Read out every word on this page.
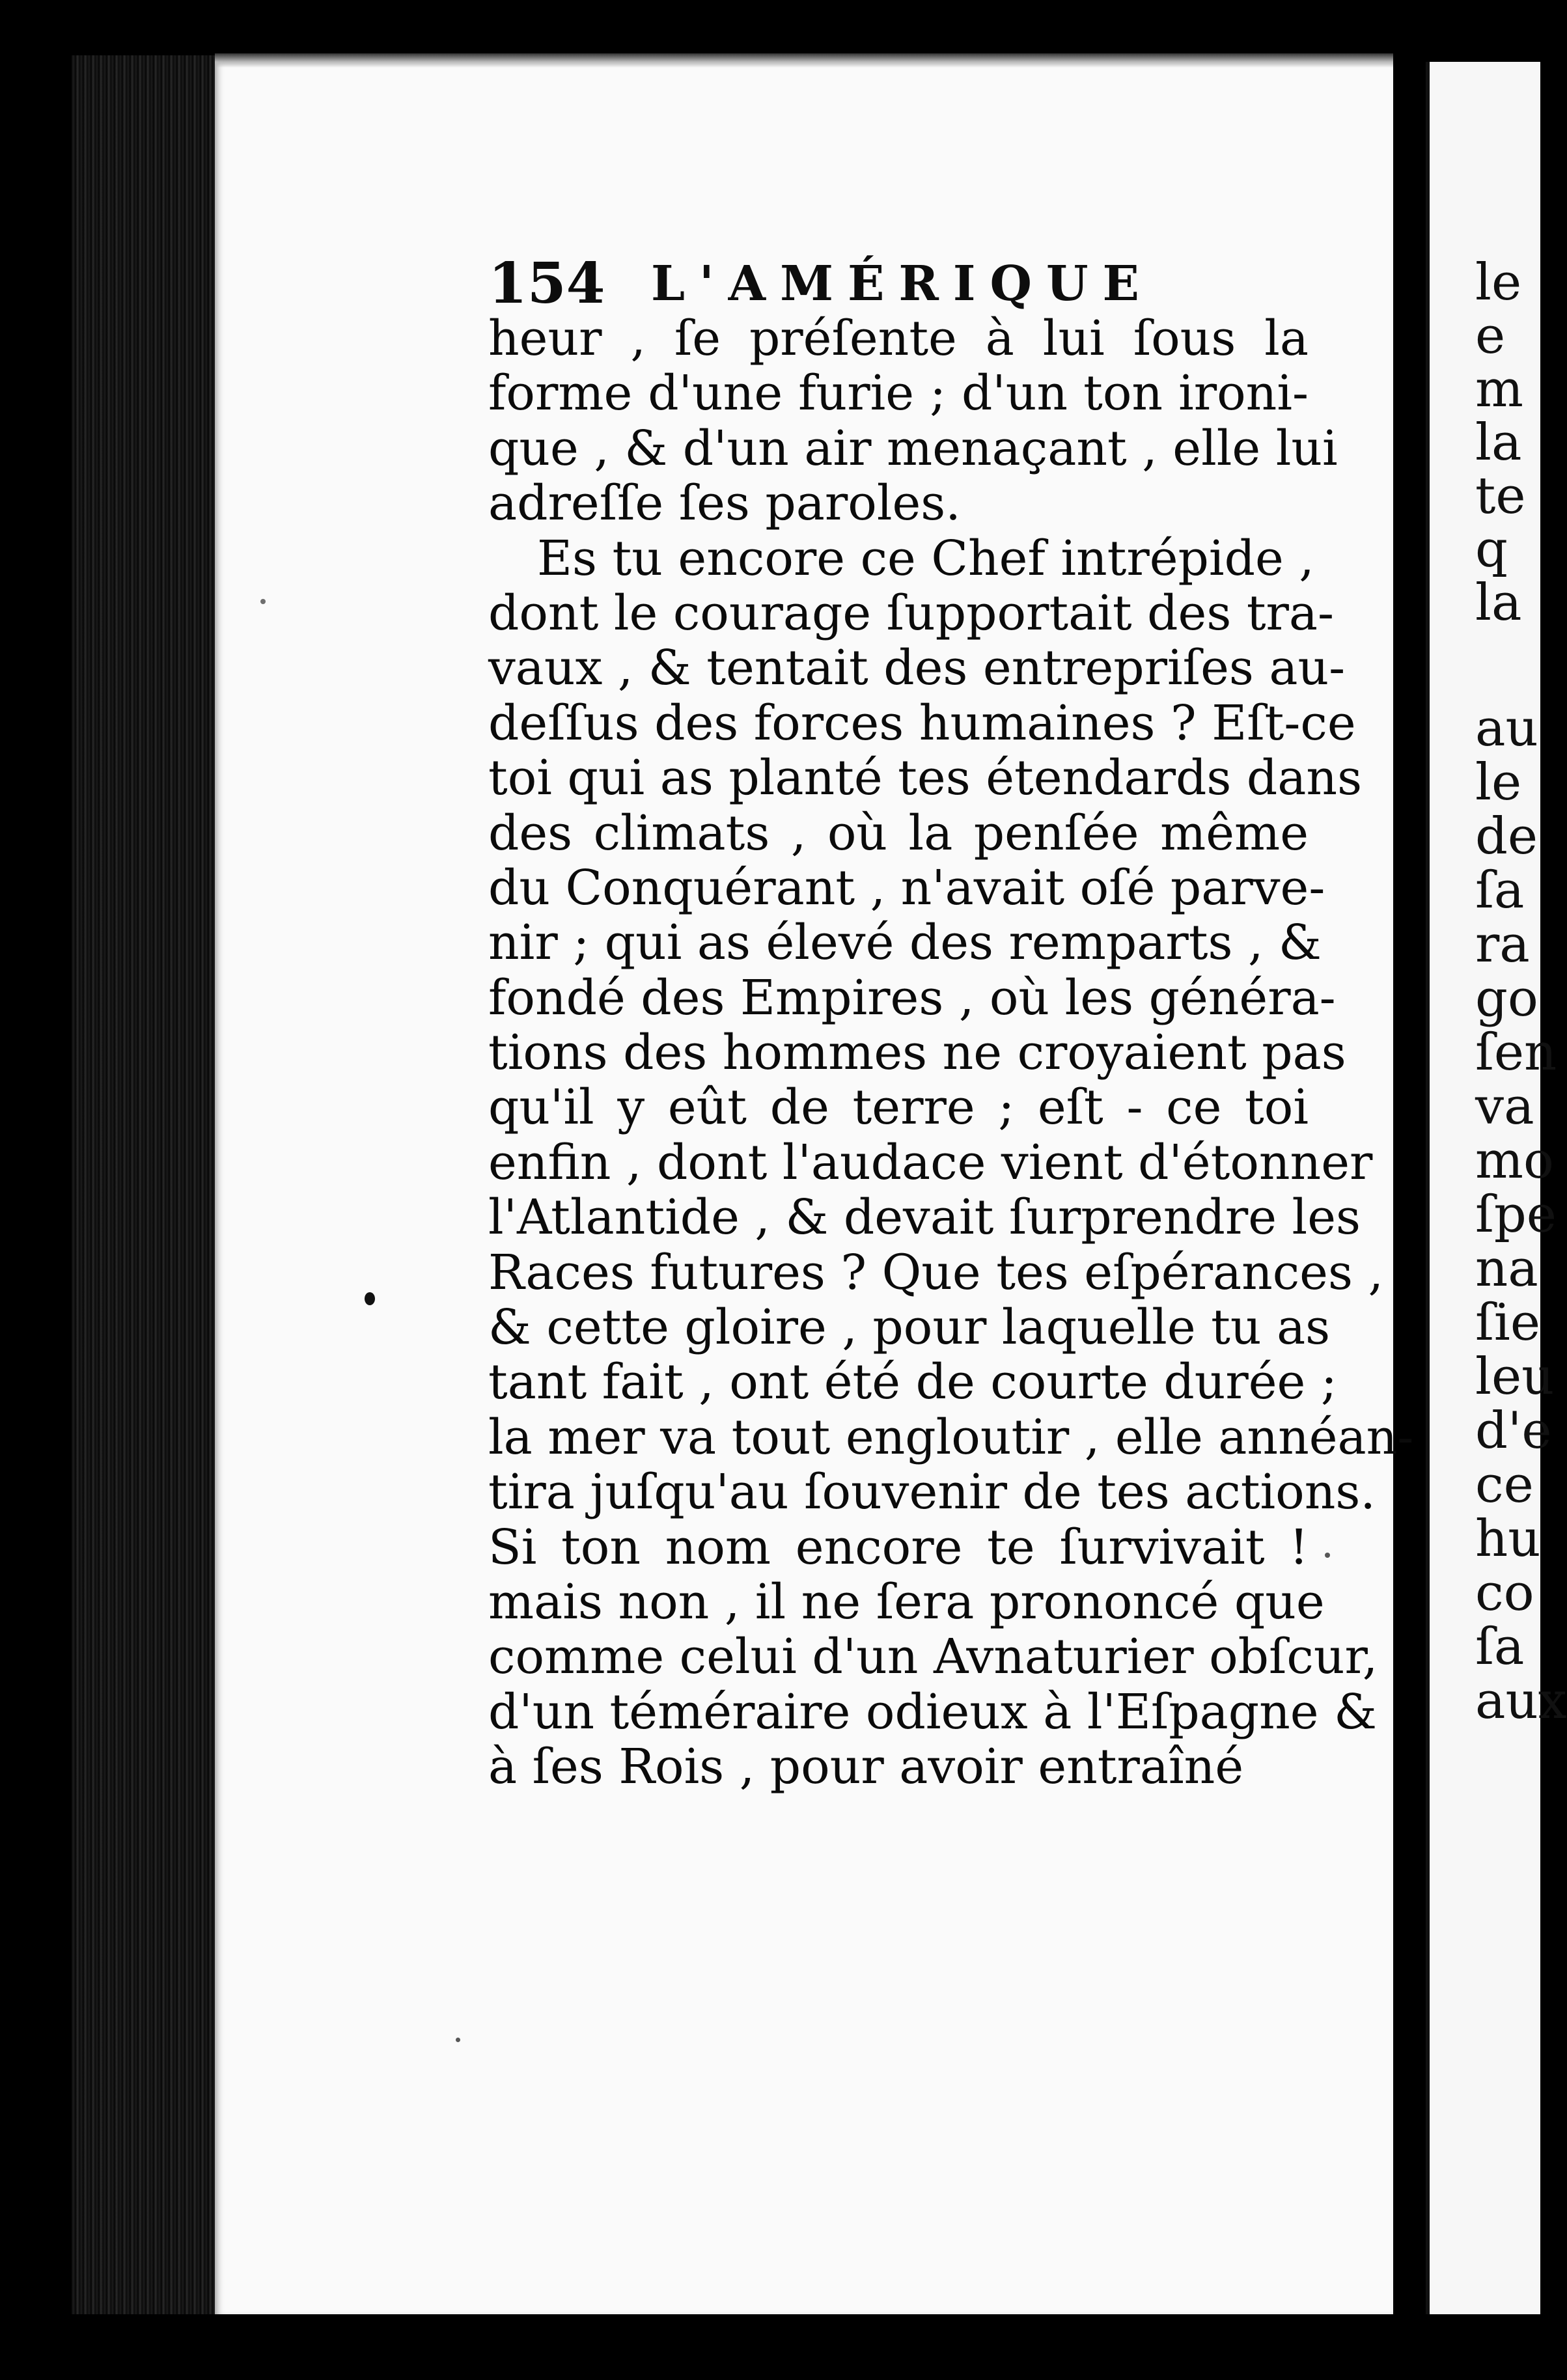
le
e
m
la
te
q
la
au
le
de
ſa
ra
go
ſen
va
mo
ſpe
na
ſie
leu
d'e
ce
hu
co
ſa
aux
154 L'AMÉRIQUE
heur , ſe préſente à lui ſous la
forme d'une furie ; d'un ton ironi-
que , & d'un air menaçant , elle lui
adreſſe ſes paroles.
Es tu encore ce Chef intrépide ,
dont le courage ſupportait des tra-
vaux , & tentait des entrepriſes au-
deſſus des forces humaines ? Eſt-ce
toi qui as planté tes étendards dans
des climats , où la penſée même
du Conquérant , n'avait oſé parve-
nir ; qui as élevé des remparts , &
fondé des Empires , où les généra-
tions des hommes ne croyaient pas
qu'il y eût de terre ; eſt - ce toi
enfin , dont l'audace vient d'étonner
l'Atlantide , & devait ſurprendre les
Races futures ? Que tes eſpérances ,
& cette gloire , pour laquelle tu as
tant fait , ont été de courte durée ;
la mer va tout engloutir , elle annéan-
tira juſqu'au ſouvenir de tes actions.
Si ton nom encore te ſurvivait !
mais non , il ne ſera prononcé que
comme celui d'un Avnaturier obſcur,
d'un téméraire odieux à l'Eſpagne &
à ſes Rois , pour avoir entraîné
